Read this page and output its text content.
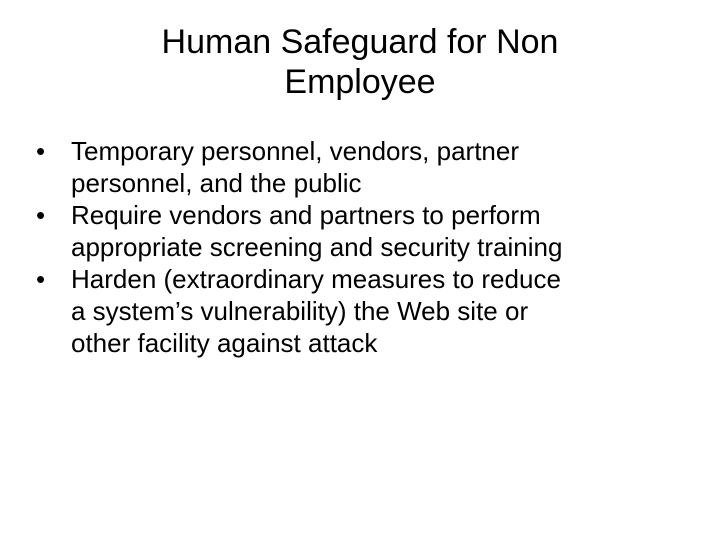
Human Safeguard for Non
Employee
• Temporary personnel, vendors, partner
personnel, and the public
• Require vendors and partners to perform
appropriate screening and security training
• Harden (extraordinary measures to reduce
a system’s vulnerability) the Web site or
other facility against attack
